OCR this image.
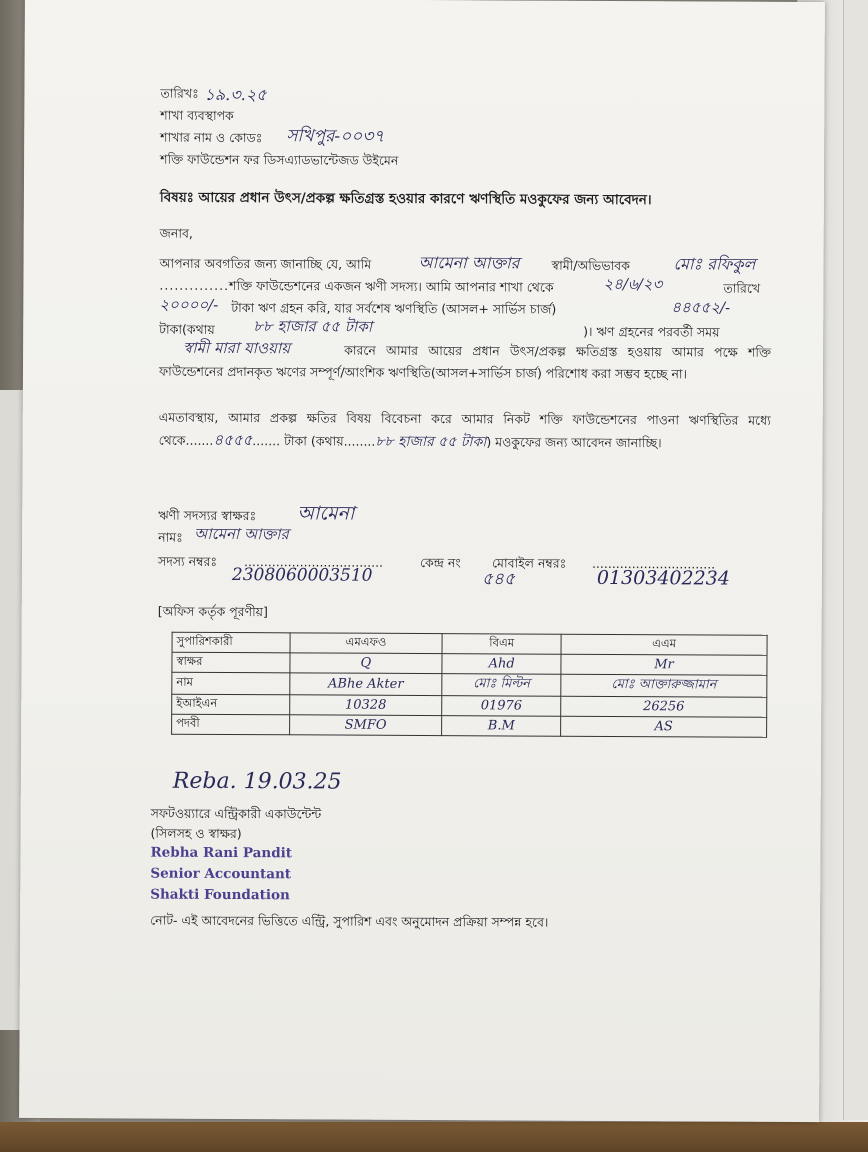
তারিখঃ ১৯.৩.২৫
শাখা ব্যবস্থাপক
শাখার নাম ও কোডঃ সখিপুর-০০৩৭
শক্তি ফাউন্ডেশন ফর ডিসএ্যাডভান্টেজড উইমেন
বিষয়ঃ আয়ের প্রধান উৎস/প্রকল্প ক্ষতিগ্রস্ত হওয়ার কারণে ঋণস্থিতি মওকুফের জন্য আবেদন।
জনাব,
আপনার অবগতির জন্য জানাচ্ছি যে, আমি	আমেনা আক্তার	স্বামী/অভিভাবক	মোঃ রফিকুল
..............শক্তি ফাউন্ডেশনের একজন ঋণী সদস্য। আমি আপনার শাখা থেকে	২৪/৬/২৩	তারিখে
২০০০০/- টাকা ঋণ গ্রহন করি, যার সর্বশেষ ঋণস্থিতি (আসল+ সার্ভিস চার্জ)	৪৪৫৫২/-
টাকা(কথায়	৮৮ হাজার ৫৫ টাকা	)। ঋণ গ্রহনের পরবর্তী সময়
স্বামী মারা যাওয়ায়	কারনে আমার আয়ের প্রধান উৎস/প্রকল্প ক্ষতিগ্রস্ত হওয়ায় আমার পক্ষে শক্তি ফাউন্ডেশনের প্রদানকৃত ঋণের সম্পূর্ণ/আংশিক ঋণস্থিতি(আসল+সার্ভিস চার্জ) পরিশোধ করা সম্ভব হচ্ছে না।
এমতাবস্থায়, আমার প্রকল্প ক্ষতির বিষয় বিবেচনা করে আমার নিকট শক্তি ফাউন্ডেশনের পাওনা ঋণস্থিতির মধ্যে থেকে.......৪৫৫৫....... টাকা (কথায়........৮৮ হাজার ৫৫ টাকা) মওকুফের জন্য আবেদন জানাচ্ছি।
ঋণী সদস্যর স্বাক্ষরঃ আমেনা
নামঃ আমেনা আক্তার
সদস্য নম্বরঃ ...................................
2308060003510
কেন্দ্র নং
৫৪৫
মোবাইল নম্বরঃ ...............................
01303402234
[অফিস কর্তৃক পূরণীয়]
সুপারিশকারী	এমএফও	বিএম	এএম
স্বাক্ষর	Q	Ahd	Mr
নাম	ABhe Akter	মোঃ মিল্টন	মোঃ আক্তারুজ্জামান
ইআইএন	10328	01976	26256
পদবী	SMFO	B.M	AS
Reba. 19.03.25
সফটওয়্যারে এন্ট্রিকারী একাউন্টেন্ট
(সিলসহ ও স্বাক্ষর)
Rebha Rani Pandit
Senior Accountant
Shakti Foundation
নোট- এই আবেদনের ভিত্তিতে এন্ট্রি, সুপারিশ এবং অনুমোদন প্রক্রিয়া সম্পন্ন হবে।
